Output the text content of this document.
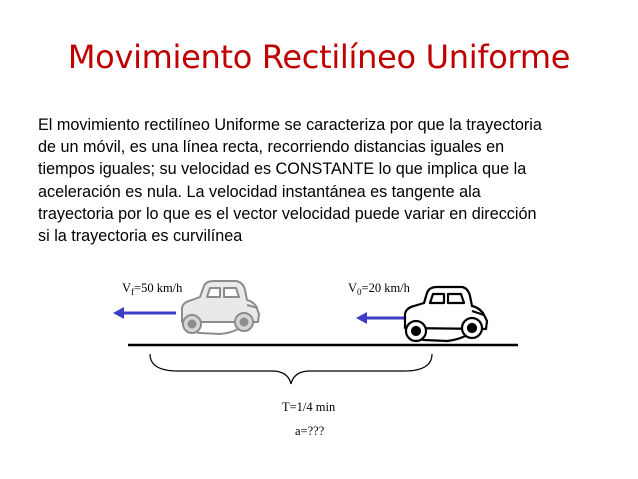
Movimiento Rectilíneo Uniforme
El movimiento rectilíneo Uniforme se caracteriza por que la trayectoria
de un móvil, es una línea recta, recorriendo distancias iguales en
tiempos iguales; su velocidad es CONSTANTE lo que implica que la
aceleración es nula. La velocidad instantánea es tangente ala
trayectoria por lo que es el vector velocidad puede variar en dirección
si la trayectoria es curvilínea
$V_f=50$ km/h	$V_0=20$ km/h
T=1/4 min
a=???
